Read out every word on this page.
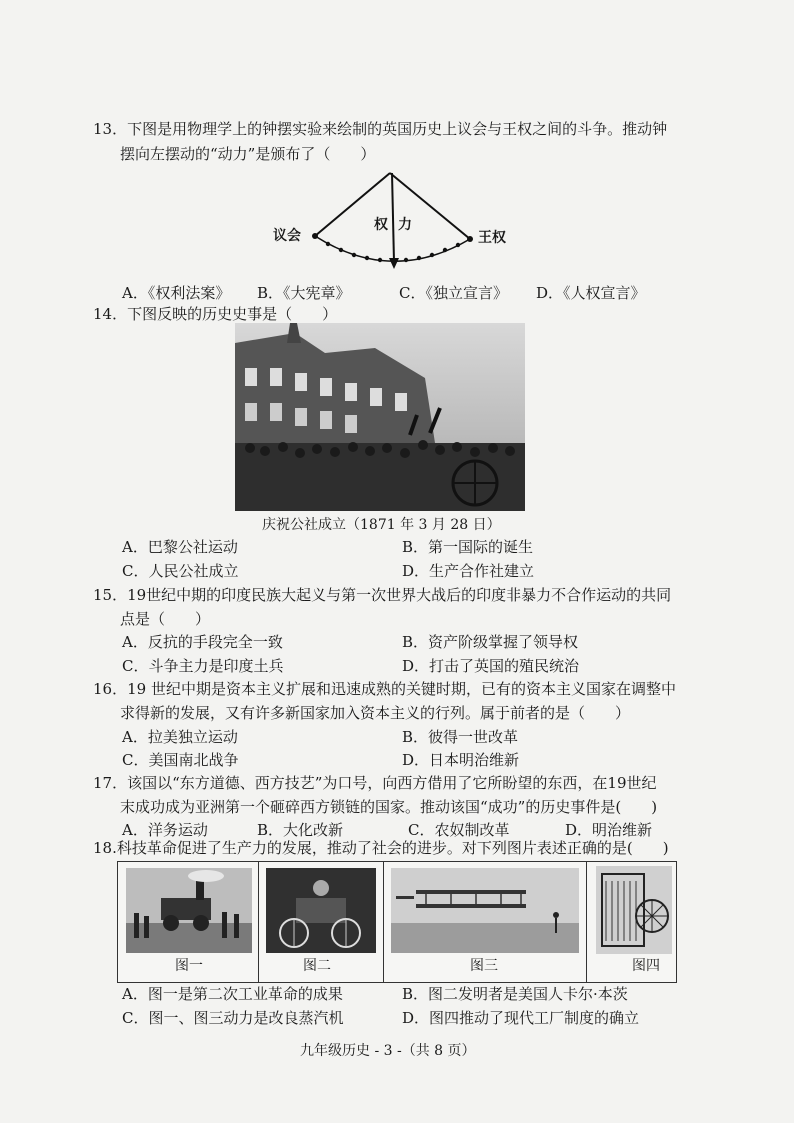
13．下图是用物理学上的钟摆实验来绘制的英国历史上议会与王权之间的斗争。推动钟
摆向左摆动的“动力”是颁布了（　　）
议会	王权
权 力
A．《权利法案》 B．《大宪章》	C．《独立宣言》 D．《人权宣言》
14．下图反映的历史史事是（　　）
庆祝公社成立（1871 年 3 月 28 日）
A．巴黎公社运动	B．第一国际的诞生
C．人民公社成立	D．生产合作社建立
15．19世纪中期的印度民族大起义与第一次世界大战后的印度非暴力不合作运动的共同
点是（　　）
A．反抗的手段完全一致	B．资产阶级掌握了领导权
C．斗争主力是印度土兵	D．打击了英国的殖民统治
16．19 世纪中期是资本主义扩展和迅速成熟的关键时期，已有的资本主义国家在调整中
求得新的发展，又有许多新国家加入资本主义的行列。属于前者的是（　　）
A．拉美独立运动	B．彼得一世改革
C．美国南北战争	D．日本明治维新
17．该国以“东方道德、西方技艺”为口号，向西方借用了它所盼望的东西，在19世纪
末成功成为亚洲第一个砸碎西方锁链的国家。推动该国“成功”的历史事件是(　　)
A．洋务运动	B．大化改新	C．农奴制改革	D．明治维新
18.科技革命促进了生产力的发展，推动了社会的进步。对下列图片表述正确的是(　　)
图一	图二	图三	图四
A．图一是第二次工业革命的成果	B．图二发明者是美国人卡尔·本茨
C．图一、图三动力是改良蒸汽机	D．图四推动了现代工厂制度的确立
九年级历史 - 3 -（共 8 页）
